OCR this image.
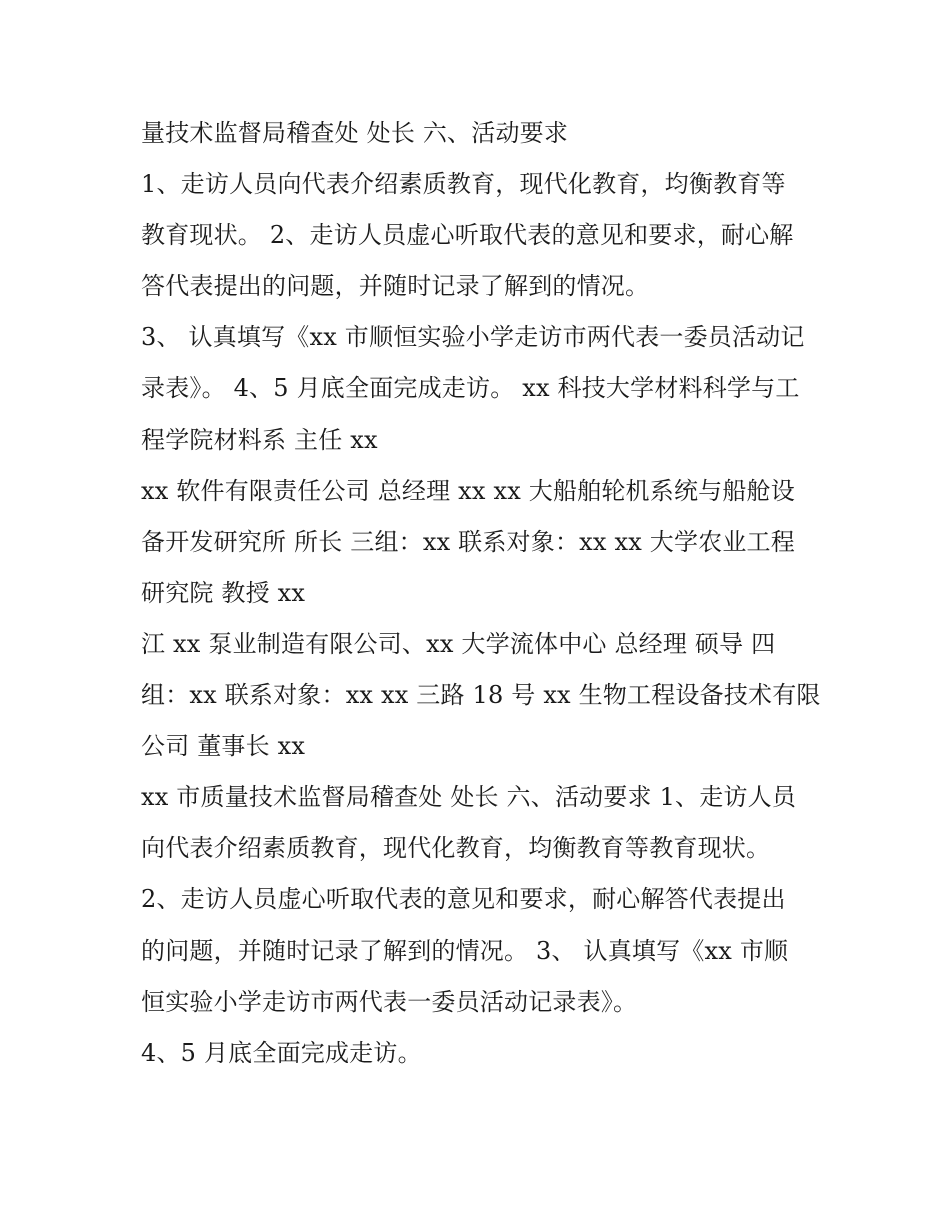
量技术监督局稽查处 处长 六、活动要求
1、走访人员向代表介绍素质教育，现代化教育，均衡教育等
教育现状。 2、走访人员虚心听取代表的意见和要求，耐心解
答代表提出的问题，并随时记录了解到的情况。
3、 认真填写《xx 市顺恒实验小学走访市两代表一委员活动记
录表》。 4、5 月底全面完成走访。 xx 科技大学材料科学与工
程学院材料系 主任 xx
xx 软件有限责任公司 总经理 xx xx 大船舶轮机系统与船舱设
备开发研究所 所长 三组：xx 联系对象：xx xx 大学农业工程
研究院 教授 xx
江 xx 泵业制造有限公司、xx 大学流体中心 总经理 硕导 四
组：xx 联系对象：xx xx 三路 18 号 xx 生物工程设备技术有限
公司 董事长 xx
xx 市质量技术监督局稽查处 处长 六、活动要求 1、走访人员
向代表介绍素质教育，现代化教育，均衡教育等教育现状。
2、走访人员虚心听取代表的意见和要求，耐心解答代表提出
的问题，并随时记录了解到的情况。 3、 认真填写《xx 市顺
恒实验小学走访市两代表一委员活动记录表》。
4、5 月底全面完成走访。
